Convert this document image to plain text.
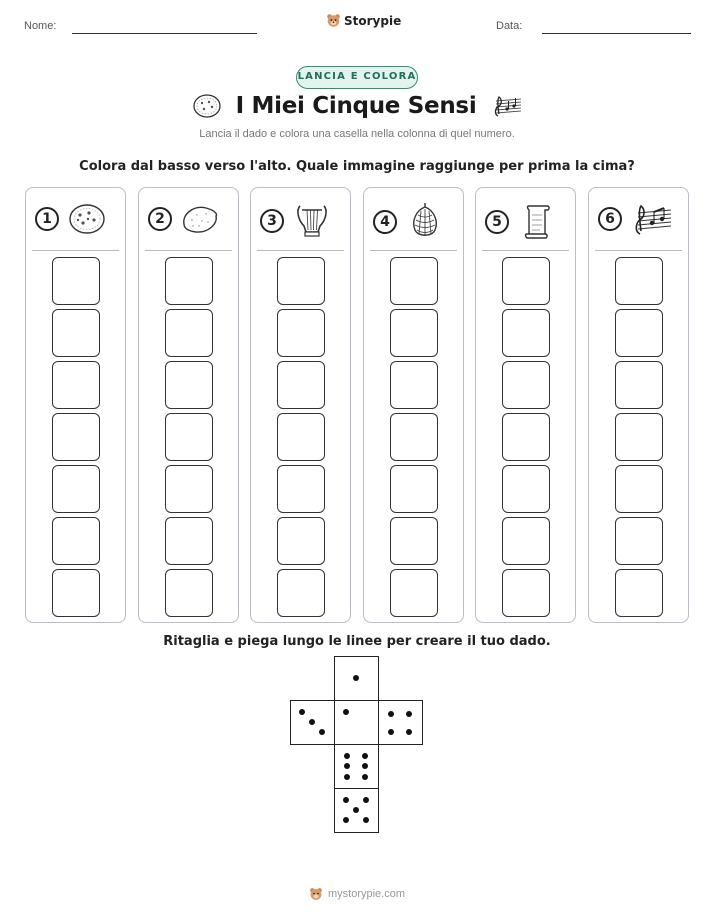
Nome:	Storypie	Data:
LANCIA E COLORA
I Miei Cinque Sensi
Lancia il dado e colora una casella nella colonna di quel numero.
Colora dal basso verso l'alto. Quale immagine raggiunge per prima la cima?
1	2	3	4	5	6
Ritaglia e piega lungo le linee per creare il tuo dado.
mystorypie.com
